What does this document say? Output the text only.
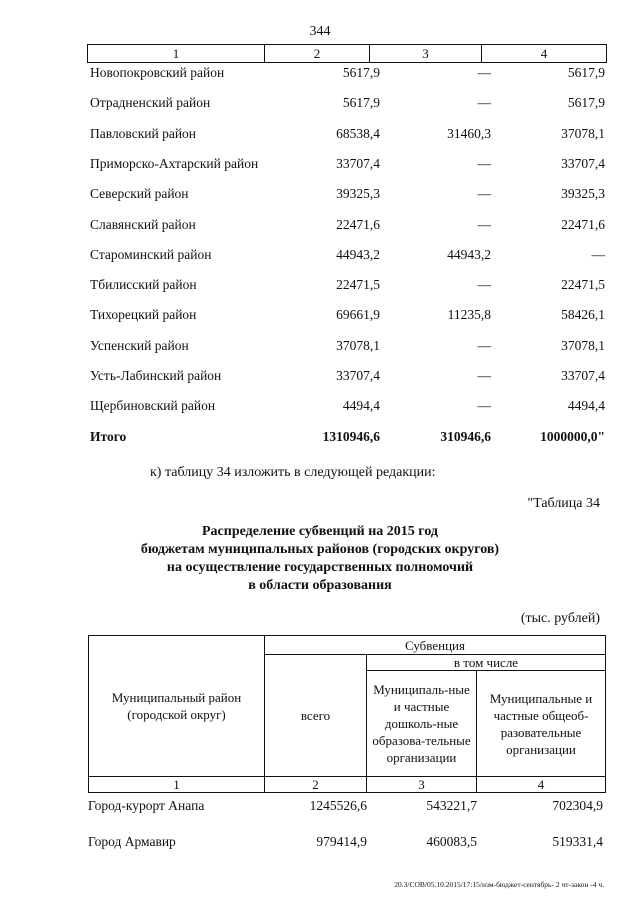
344
1	2	3	4
Новопокровский район	5617,9	—	5617,9
Отрадненский район	5617,9	—	5617,9
Павловский район	68538,4	31460,3	37078,1
Приморско-Ахтарский район	33707,4	—	33707,4
Северский район	39325,3	—	39325,3
Славянский район	22471,6	—	22471,6
Староминский район	44943,2	44943,2	—
Тбилисский район	22471,5	—	22471,5
Тихорецкий район	69661,9	11235,8	58426,1
Успенский район	37078,1	—	37078,1
Усть-Лабинский район	33707,4	—	33707,4
Щербиновский район	4494,4	—	4494,4
Итого	1310946,6	310946,6	1000000,0"
к) таблицу 34 изложить в следующей редакции:
"Таблица 34
Распределение субвенций на 2015 год
бюджетам муниципальных районов (городских округов)
на осуществление государственных полномочий
в области образования
(тыс. рублей)
Муниципальный район (городской округ)
Субвенция
всего
в том числе
Муниципаль-ные и частные дошколь-ные образова-тельные организации
Муниципальные и частные общеоб-разовательные организации
1	2	3	4
Город-курорт Анапа	1245526,6	543221,7	702304,9
Город Армавир	979414,9	460083,5	519331,4
20.3/СОВ/05.10.2015/17:15/изм-бюджет-сентябрь- 2 чт-закон -4 ч.
